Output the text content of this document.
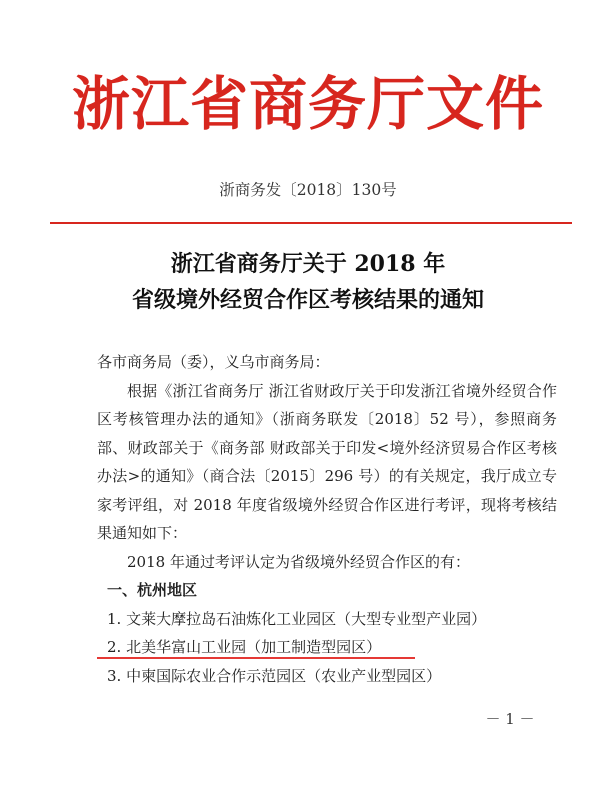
浙江省商务厅文件
浙商务发〔2018〕130号
浙江省商务厅关于 2018 年
省级境外经贸合作区考核结果的通知

各市商务局（委），义乌市商务局：

根据《浙江省商务厅 浙江省财政厅关于印发浙江省境外经贸合作区考核管理办法的通知》（浙商务联发〔2018〕52 号），参照商务部、财政部关于《商务部 财政部关于印发<境外经济贸易合作区考核办法>的通知》（商合法〔2015〕296 号）的有关规定，我厅成立专家考评组，对 2018 年度省级境外经贸合作区进行考评，现将考核结果通知如下：

2018 年通过考评认定为省级境外经贸合作区的有：

一、杭州地区

1. 文莱大摩拉岛石油炼化工业园区（大型专业型产业园）

2. 北美华富山工业园（加工制造型园区）

3. 中柬国际农业合作示范园区（农业产业型园区）

－ 1 －
